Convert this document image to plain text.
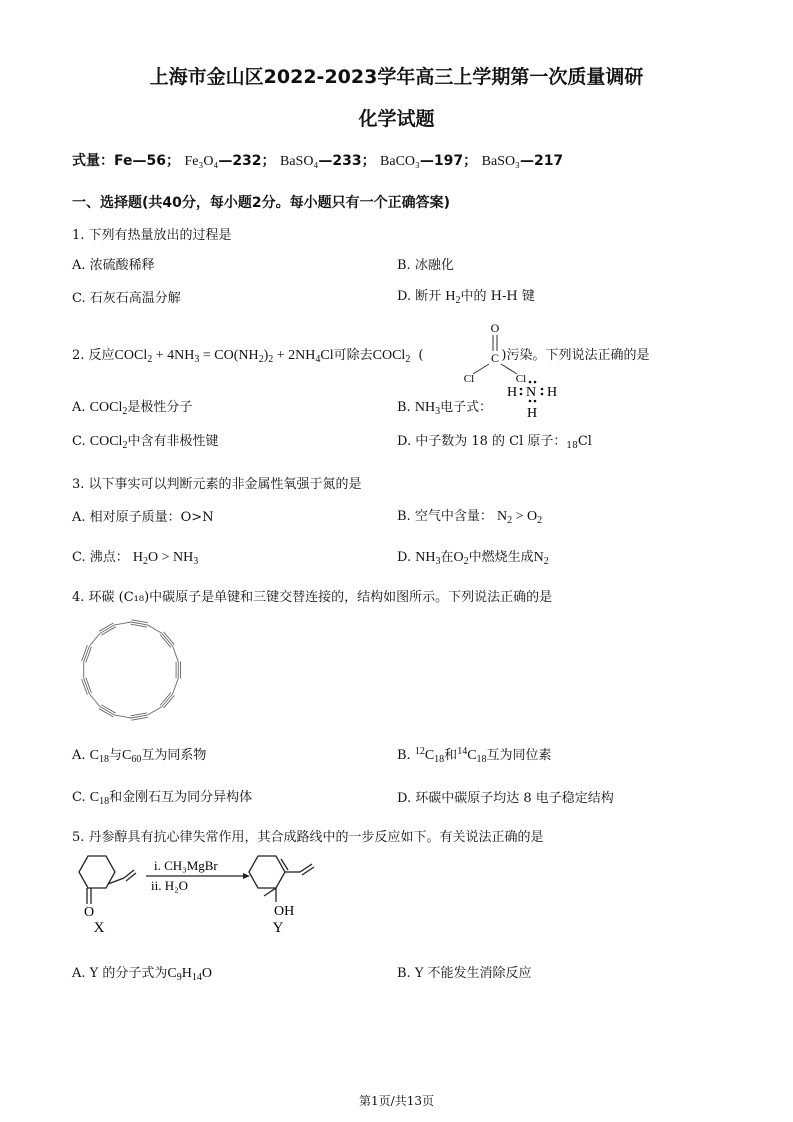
上海市金山区2022-2023学年高三上学期第一次质量调研
化学试题
式量：Fe—56； Fe₃O₄—232； BaSO₄—233； BaCO₃—197； BaSO₃—217
一、选择题(共40分，每小题2分。每小题只有一个正确答案)
1. 下列有热量放出的过程是
A. 浓硫酸稀释	B. 冰融化
C. 石灰石高温分解	D. 断开 $H_2$中的 H-H 键
2. 反应COCl$_2$ + $4NH_3 = CO(NH_2)_2 + 2NH_4Cl$可除去COCl$_2$ (	)污染。下列说法正确的是
O
C
Cl	Cl
A. COCl$_2$是极性分子	B. $NH_3$电子式：
H N H
H
C. COCl$_2$中含有非极性键	D. 中子数为 18 的 Cl 原子：$_{18}$Cl
3. 以下事实可以判断元素的非金属性氧强于氮的是
A. 相对原子质量：O>N	B. 空气中含量： $N_2 > O_2$
C. 沸点： $H_2O > NH_3$	D. $NH_3$在$O_2$中燃烧生成$N_2$
4. 环碳 (C₁₈)中碳原子是单键和三键交替连接的，结构如图所示。下列说法正确的是
A. $C_{18}$与$C_{60}$互为同系物	B. $^{12}C_{18}$和$^{14}C_{18}$互为同位素
C. $C_{18}$和金刚石互为同分异构体	D. 环碳中碳原子均达 8 电子稳定结构
5. 丹参醇具有抗心律失常作用，其合成路线中的一步反应如下。有关说法正确的是
O
X
i. CH₃MgBr
ii. H₂O
OH
Y
A. Y 的分子式为$C_9H_{14}O$	B. Y 不能发生消除反应
第1页/共13页
